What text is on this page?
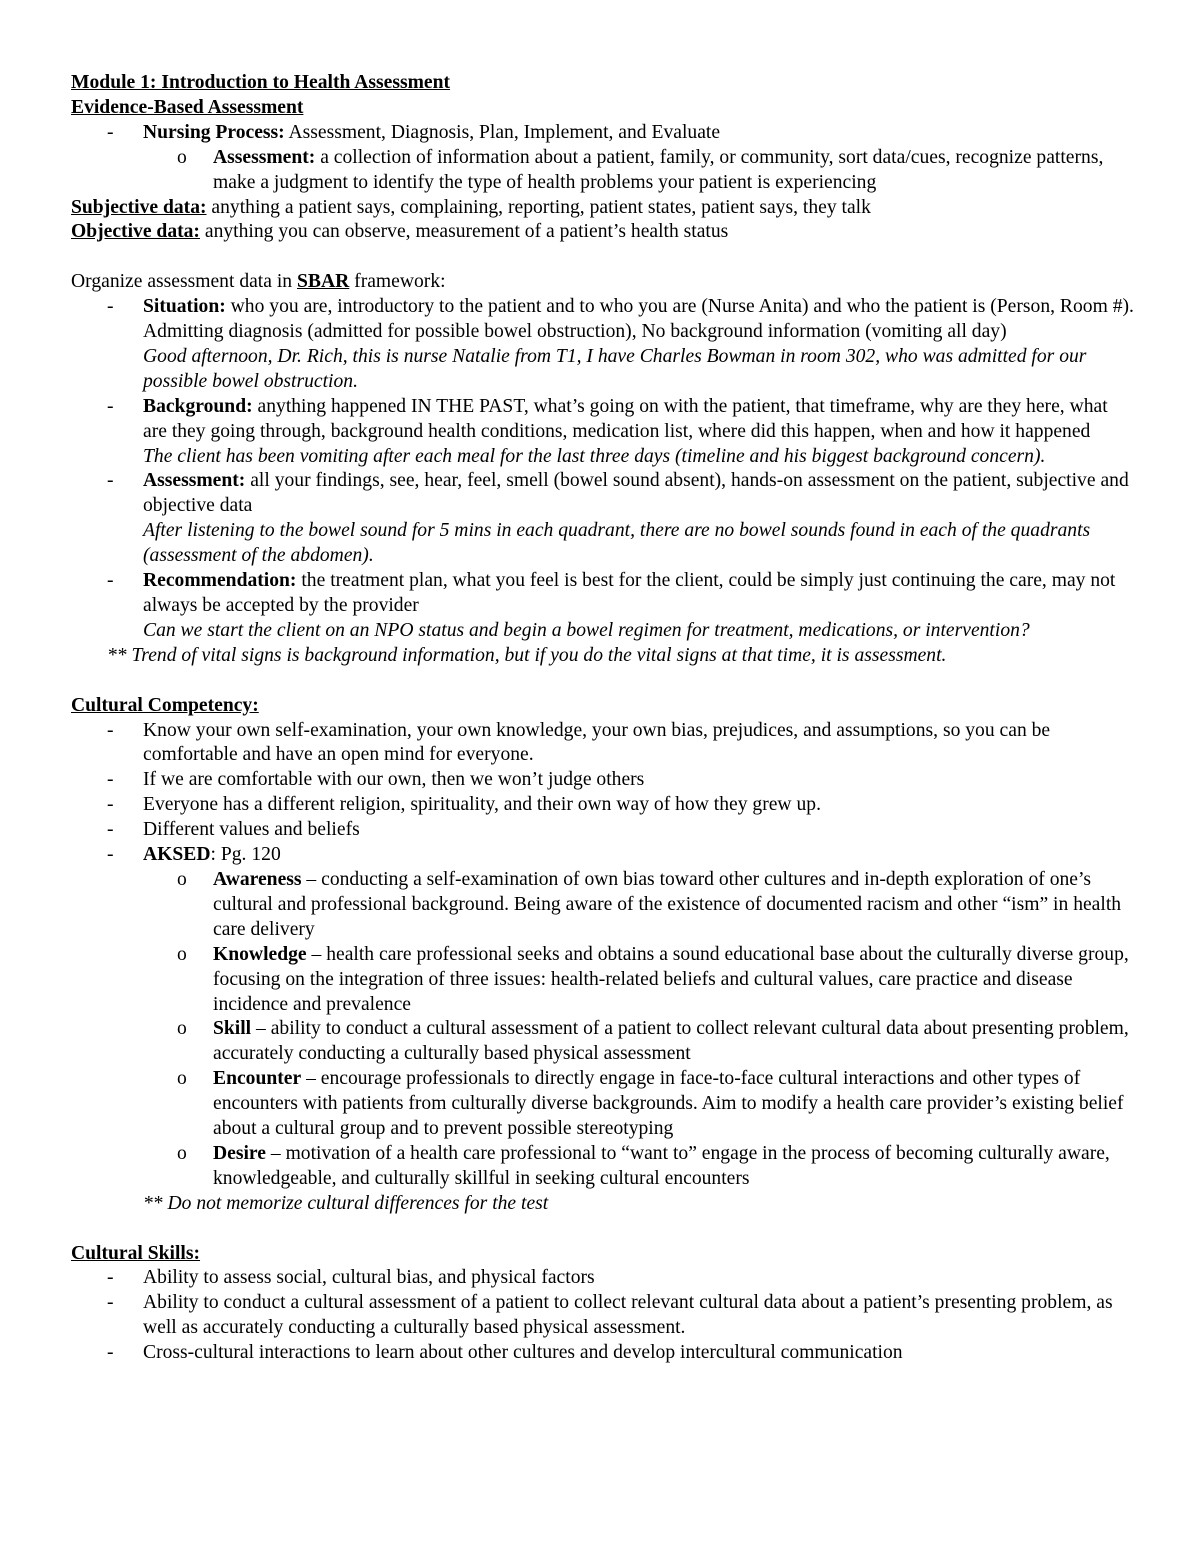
Module 1: Introduction to Health Assessment
Evidence-Based Assessment
- Nursing Process: Assessment, Diagnosis, Plan, Implement, and Evaluate
o Assessment: a collection of information about a patient, family, or community, sort data/cues, recognize patterns, make a judgment to identify the type of health problems your patient is experiencing
Subjective data: anything a patient says, complaining, reporting, patient states, patient says, they talk
Objective data: anything you can observe, measurement of a patient’s health status
Organize assessment data in SBAR framework:
- Situation: who you are, introductory to the patient and to who you are (Nurse Anita) and who the patient is (Person, Room #). Admitting diagnosis (admitted for possible bowel obstruction), No background information (vomiting all day)
Good afternoon, Dr. Rich, this is nurse Natalie from T1, I have Charles Bowman in room 302, who was admitted for our possible bowel obstruction.
- Background: anything happened IN THE PAST, what’s going on with the patient, that timeframe, why are they here, what are they going through, background health conditions, medication list, where did this happen, when and how it happened
The client has been vomiting after each meal for the last three days (timeline and his biggest background concern).
- Assessment: all your findings, see, hear, feel, smell (bowel sound absent), hands-on assessment on the patient, subjective and objective data
After listening to the bowel sound for 5 mins in each quadrant, there are no bowel sounds found in each of the quadrants (assessment of the abdomen).
- Recommendation: the treatment plan, what you feel is best for the client, could be simply just continuing the care, may not always be accepted by the provider
Can we start the client on an NPO status and begin a bowel regimen for treatment, medications, or intervention?
** Trend of vital signs is background information, but if you do the vital signs at that time, it is assessment.
Cultural Competency:
- Know your own self-examination, your own knowledge, your own bias, prejudices, and assumptions, so you can be comfortable and have an open mind for everyone.
- If we are comfortable with our own, then we won’t judge others
- Everyone has a different religion, spirituality, and their own way of how they grew up.
- Different values and beliefs
- AKSED: Pg. 120
o Awareness – conducting a self-examination of own bias toward other cultures and in-depth exploration of one’s cultural and professional background. Being aware of the existence of documented racism and other “ism” in health care delivery
o Knowledge – health care professional seeks and obtains a sound educational base about the culturally diverse group, focusing on the integration of three issues: health-related beliefs and cultural values, care practice and disease incidence and prevalence
o Skill – ability to conduct a cultural assessment of a patient to collect relevant cultural data about presenting problem, accurately conducting a culturally based physical assessment
o Encounter – encourage professionals to directly engage in face-to-face cultural interactions and other types of encounters with patients from culturally diverse backgrounds. Aim to modify a health care provider’s existing belief about a cultural group and to prevent possible stereotyping
o Desire – motivation of a health care professional to “want to” engage in the process of becoming culturally aware, knowledgeable, and culturally skillful in seeking cultural encounters
** Do not memorize cultural differences for the test
Cultural Skills:
- Ability to assess social, cultural bias, and physical factors
- Ability to conduct a cultural assessment of a patient to collect relevant cultural data about a patient’s presenting problem, as well as accurately conducting a culturally based physical assessment.
- Cross-cultural interactions to learn about other cultures and develop intercultural communication
